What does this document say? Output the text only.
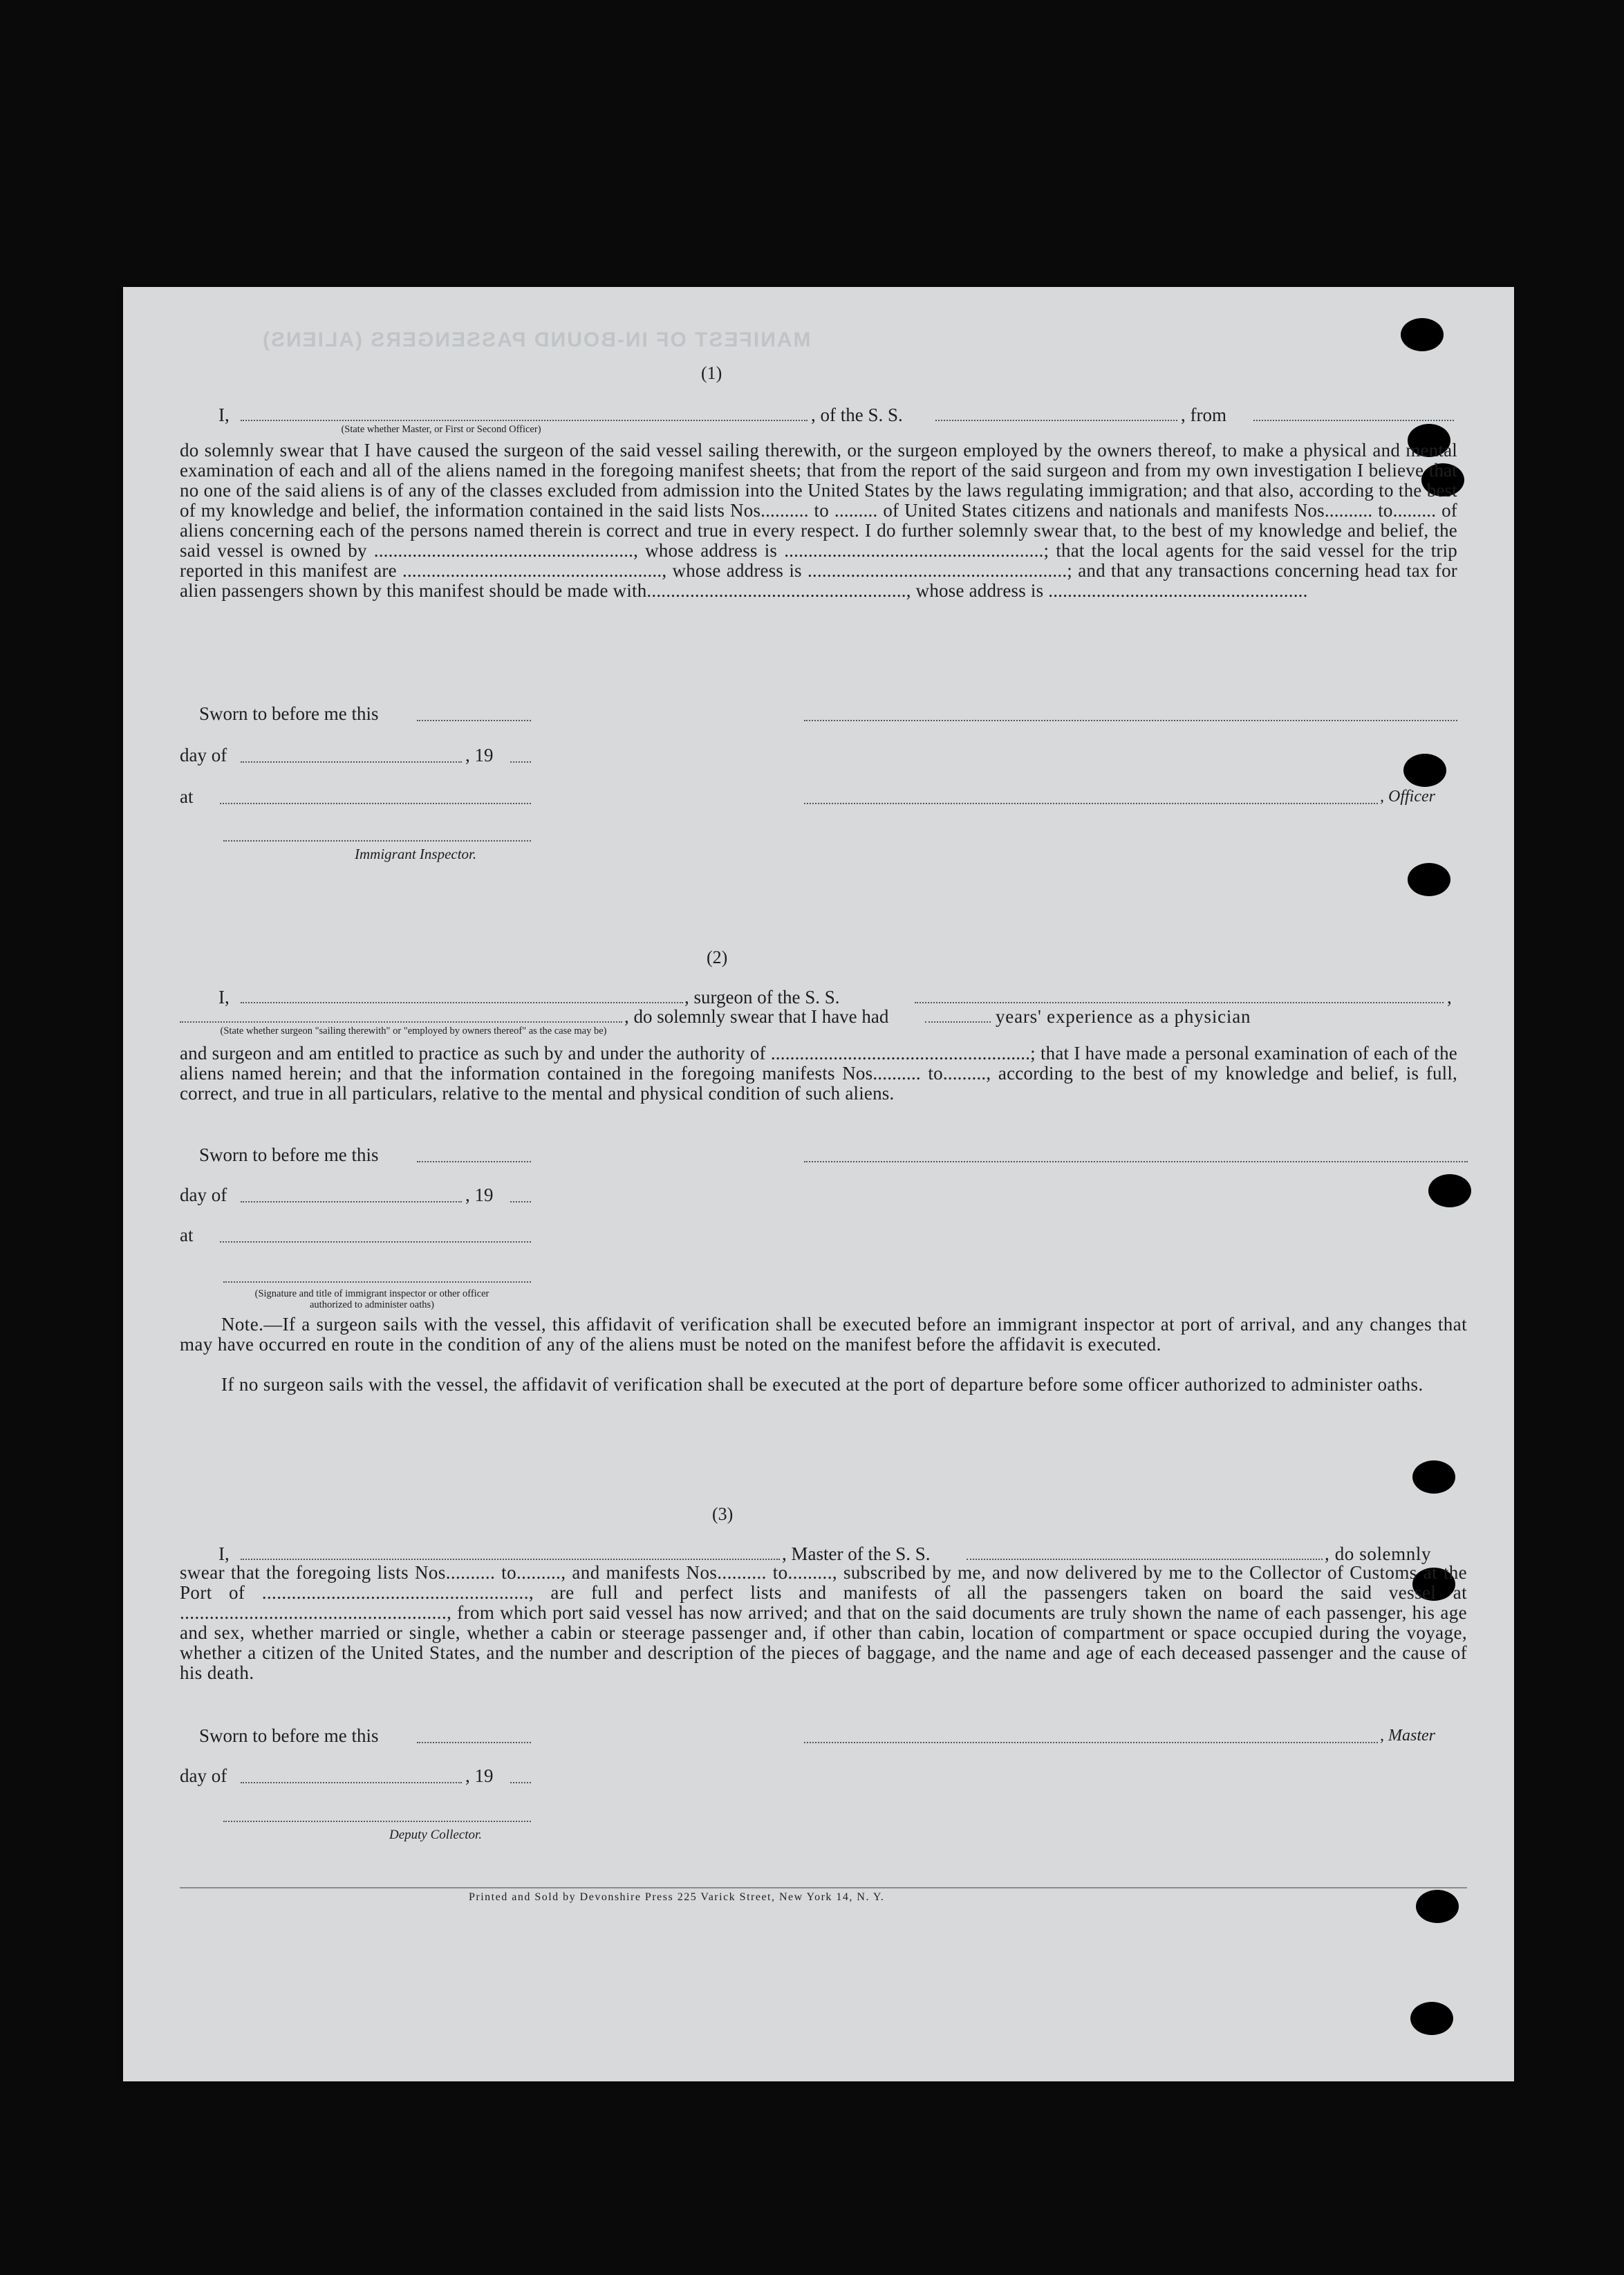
MANIFEST OF IN-BOUND PASSENGERS (ALIENS)
(1)
I,	, of the S. S.	, from
(State whether Master, or First or Second Officer)
do solemnly swear that I have caused the surgeon of the said vessel sailing therewith, or the surgeon employed by the owners thereof, to make a physical and mental examination of each and all of the aliens named in the foregoing manifest sheets; that from the report of the said surgeon and from my own investigation I believe that no one of the said aliens is of any of the classes excluded from admission into the United States by the laws regulating immigration; and that also, according to the best of my knowledge and belief, the information contained in the said lists Nos.......... to ......... of United States citizens and nationals and manifests Nos.......... to......... of aliens concerning each of the persons named therein is correct and true in every respect. I do further solemnly swear that, to the best of my knowledge and belief, the said vessel is owned by ......................................................, whose address is ......................................................; that the local agents for the said vessel for the trip reported in this manifest are ......................................................, whose address is ......................................................; and that any transactions concerning head tax for alien passengers shown by this manifest should be made with......................................................, whose address is ......................................................
Sworn to before me this
day of	, 19
at	, Officer
Immigrant Inspector.
(2)
I,	, surgeon of the S. S.	,
, do solemnly swear that I have had	years' experience as a physician
(State whether surgeon "sailing therewith" or "employed by owners thereof" as the case may be)
and surgeon and am entitled to practice as such by and under the authority of ......................................................; that I have made a personal examination of each of the aliens named herein; and that the information contained in the foregoing manifests Nos.......... to........., according to the best of my knowledge and belief, is full, correct, and true in all particulars, relative to the mental and physical condition of such aliens.
Sworn to before me this
day of	, 19
at
(Signature and title of immigrant inspector or other officer authorized to administer oaths)
Note.—If a surgeon sails with the vessel, this affidavit of verification shall be executed before an immigrant inspector at port of arrival, and any changes that may have occurred en route in the condition of any of the aliens must be noted on the manifest before the affidavit is executed.
If no surgeon sails with the vessel, the affidavit of verification shall be executed at the port of departure before some officer authorized to administer oaths.
(3)
I,	, Master of the S. S.	, do solemnly
swear that the foregoing lists Nos.......... to........., and manifests Nos.......... to........., subscribed by me, and now delivered by me to the Collector of Customs at the Port of ......................................................, are full and perfect lists and manifests of all the passengers taken on board the said vessel at ......................................................, from which port said vessel has now arrived; and that on the said documents are truly shown the name of each passenger, his age and sex, whether married or single, whether a cabin or steerage passenger and, if other than cabin, location of compartment or space occupied during the voyage, whether a citizen of the United States, and the number and description of the pieces of baggage, and the name and age of each deceased passenger and the cause of his death.
Sworn to before me this	, Master
day of	, 19
Deputy Collector.
Printed and Sold by Devonshire Press 225 Varick Street, New York 14, N. Y.
